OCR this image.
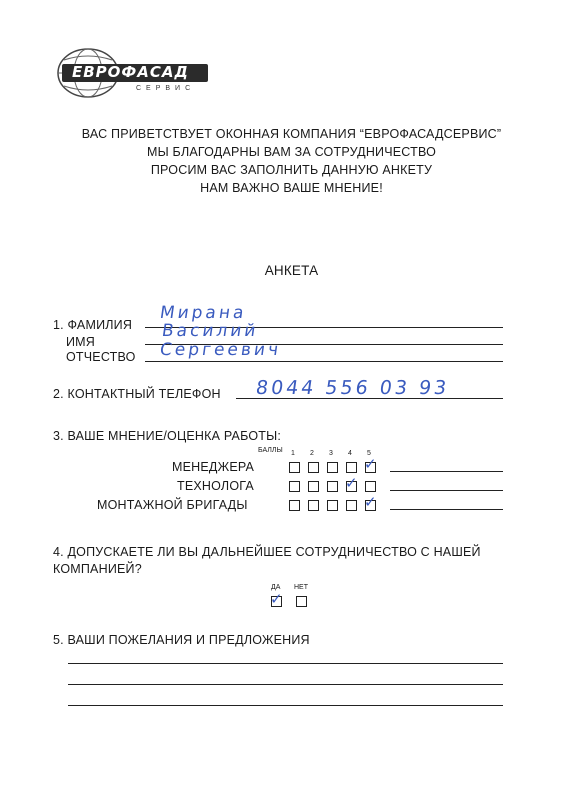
ЕВРОФАСАД
СЕРВИС
ВАС ПРИВЕТСТВУЕТ ОКОННАЯ КОМПАНИЯ “ЕВРОФАСАДСЕРВИС”
МЫ БЛАГОДАРНЫ ВАМ ЗА СОТРУДНИЧЕСТВО
ПРОСИМ ВАС ЗАПОЛНИТЬ ДАННУЮ АНКЕТУ
НАМ ВАЖНО ВАШЕ МНЕНИЕ!
АНКЕТА
1. ФАМИЛИЯ
ИМЯ
ОТЧЕСТВО
Мирана
Василий
Сергеевич
2. КОНТАКТНЫЙ ТЕЛЕФОН 8044 556 03 93
3. ВАШЕ МНЕНИЕ/ОЦЕНКА РАБОТЫ:
БАЛЛЫ 1 2 3 4 5
МЕНЕДЖЕРА
ТЕХНОЛОГА
МОНТАЖНОЙ БРИГАДЫ
✓
✓
✓
4. ДОПУСКАЕТЕ ЛИ ВЫ ДАЛЬНЕЙШЕЕ СОТРУДНИЧЕСТВО С НАШЕЙ
КОМПАНИЕЙ?
ДА НЕТ
✓
5. ВАШИ ПОЖЕЛАНИЯ И ПРЕДЛОЖЕНИЯ
